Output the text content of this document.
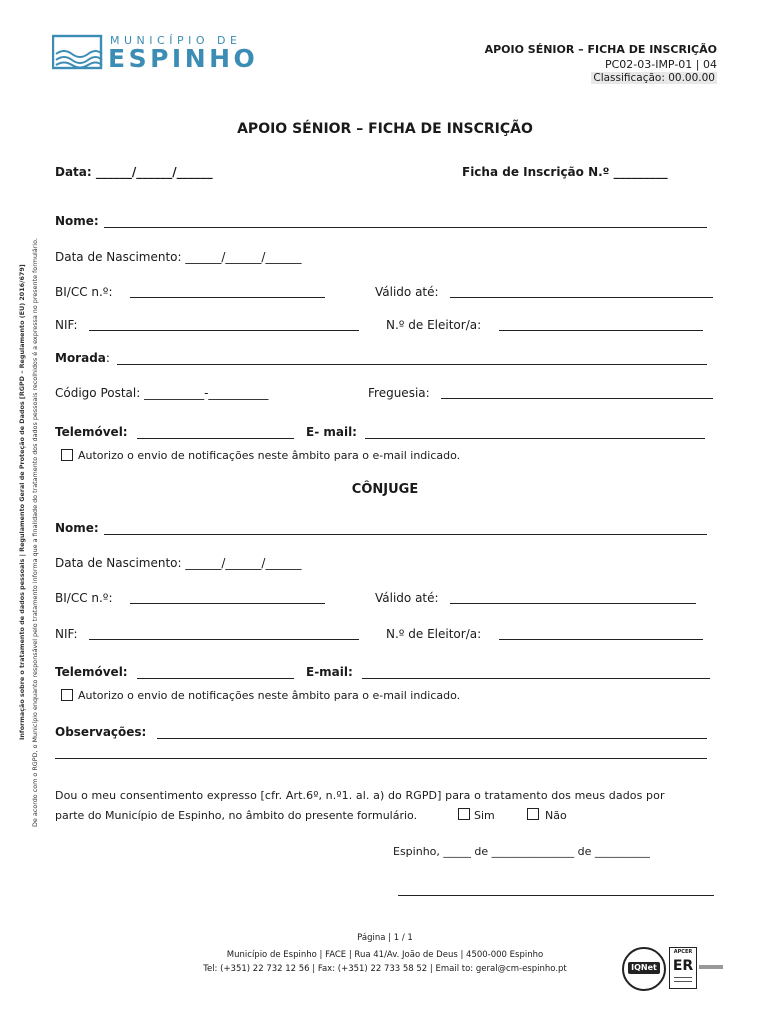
MUNICÍPIO DE
ESPINHO	APOIO SÉNIOR – FICHA DE INSCRIÇÃO
PC02-03-IMP-01 | 04
Classificação: 00.00.00
Informação sobre o tratamento de dados pessoais | Regulamento Geral de Proteção de Dados [RGPD – Regulamento (EU) 2016/679] De acordo com o RGPD, o Município enquanto responsável pelo tratamento informa que a finalidade do tratamento dos dados pessoais recolhidos é a expressa no presente formulário.
APOIO SÉNIOR – FICHA DE INSCRIÇÃO
Data: ______/______/______	Ficha de Inscrição N.º _________
Nome:
Data de Nascimento: ______/______/______
BI/CC n.º:	Válido até:
NIF:	N.º de Eleitor/a:
Morada:
Código Postal: __________-__________	Freguesia:
Telemóvel:	E- mail:
Autorizo o envio de notificações neste âmbito para o e-mail indicado.
CÔNJUGE
Nome:
Data de Nascimento: ______/______/______
BI/CC n.º:	Válido até:
NIF:	N.º de Eleitor/a:
Telemóvel:	E-mail:
Autorizo o envio de notificações neste âmbito para o e-mail indicado.
Observações:
Dou o meu consentimento expresso [cfr. Art.6º, n.º1. al. a) do RGPD] para o tratamento dos meus dados por
parte do Município de Espinho, no âmbito do presente formulário.	Sim	Não
Espinho, _____ de _______________ de __________
Página | 1 / 1
Município de Espinho | FACE | Rua 41/Av. João de Deus | 4500-000 Espinho
Tel: (+351) 22 732 12 56 | Fax: (+351) 22 733 58 52 | Email to: geral@cm-espinho.pt	IQNet
APCER
ER
